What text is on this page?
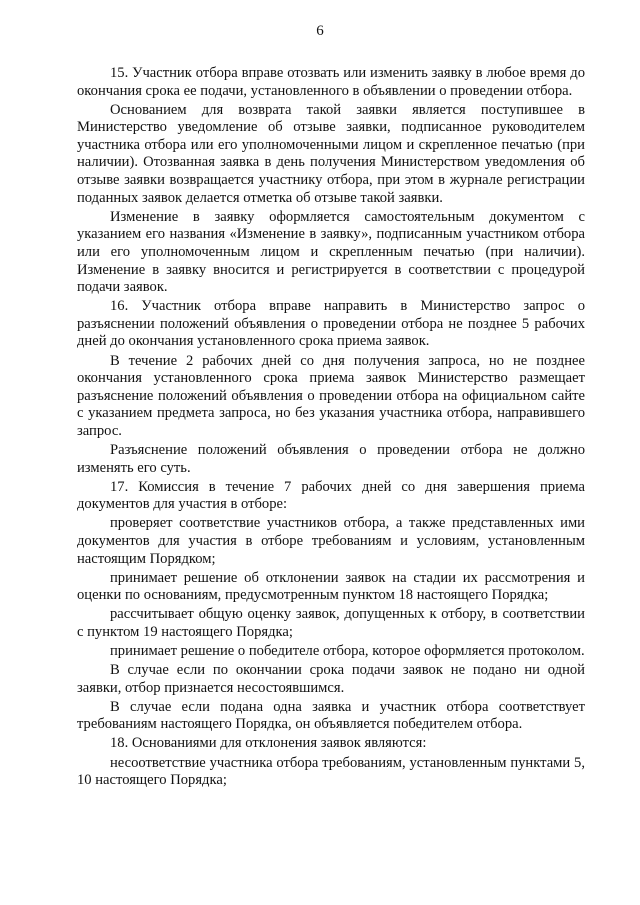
6

15. Участник отбора вправе отозвать или изменить заявку в любое время до окончания срока ее подачи, установленного в объявлении о проведении отбора.

Основанием для возврата такой заявки является поступившее в Министерство уведомление об отзыве заявки, подписанное руководителем участника отбора или его уполномоченными лицом и скрепленное печатью (при наличии). Отозванная заявка в день получения Министерством уведомления об отзыве заявки возвращается участнику отбора, при этом в журнале регистрации поданных заявок делается отметка об отзыве такой заявки.

Изменение в заявку оформляется самостоятельным документом с указанием его названия «Изменение в заявку», подписанным участником отбора или его уполномоченным лицом и скрепленным печатью (при наличии). Изменение в заявку вносится и регистрируется в соответствии с процедурой подачи заявок.

16. Участник отбора вправе направить в Министерство запрос о разъяснении положений объявления о проведении отбора не позднее 5 рабочих дней до окончания установленного срока приема заявок.

В течение 2 рабочих дней со дня получения запроса, но не позднее окончания установленного срока приема заявок Министерство размещает разъяснение положений объявления о проведении отбора на официальном сайте с указанием предмета запроса, но без указания участника отбора, направившего запрос.

Разъяснение положений объявления о проведении отбора не должно изменять его суть.

17. Комиссия в течение 7 рабочих дней со дня завершения приема документов для участия в отборе:

проверяет соответствие участников отбора, а также представленных ими документов для участия в отборе требованиям и условиям, установленным настоящим Порядком;

принимает решение об отклонении заявок на стадии их рассмотрения и оценки по основаниям, предусмотренным пунктом 18 настоящего Порядка;

рассчитывает общую оценку заявок, допущенных к отбору, в соответствии с пунктом 19 настоящего Порядка;

принимает решение о победителе отбора, которое оформляется протоколом.

В случае если по окончании срока подачи заявок не подано ни одной заявки, отбор признается несостоявшимся.

В случае если подана одна заявка и участник отбора соответствует требованиям настоящего Порядка, он объявляется победителем отбора.

18. Основаниями для отклонения заявок являются:

несоответствие участника отбора требованиям, установленным пунктами 5, 10 настоящего Порядка;
